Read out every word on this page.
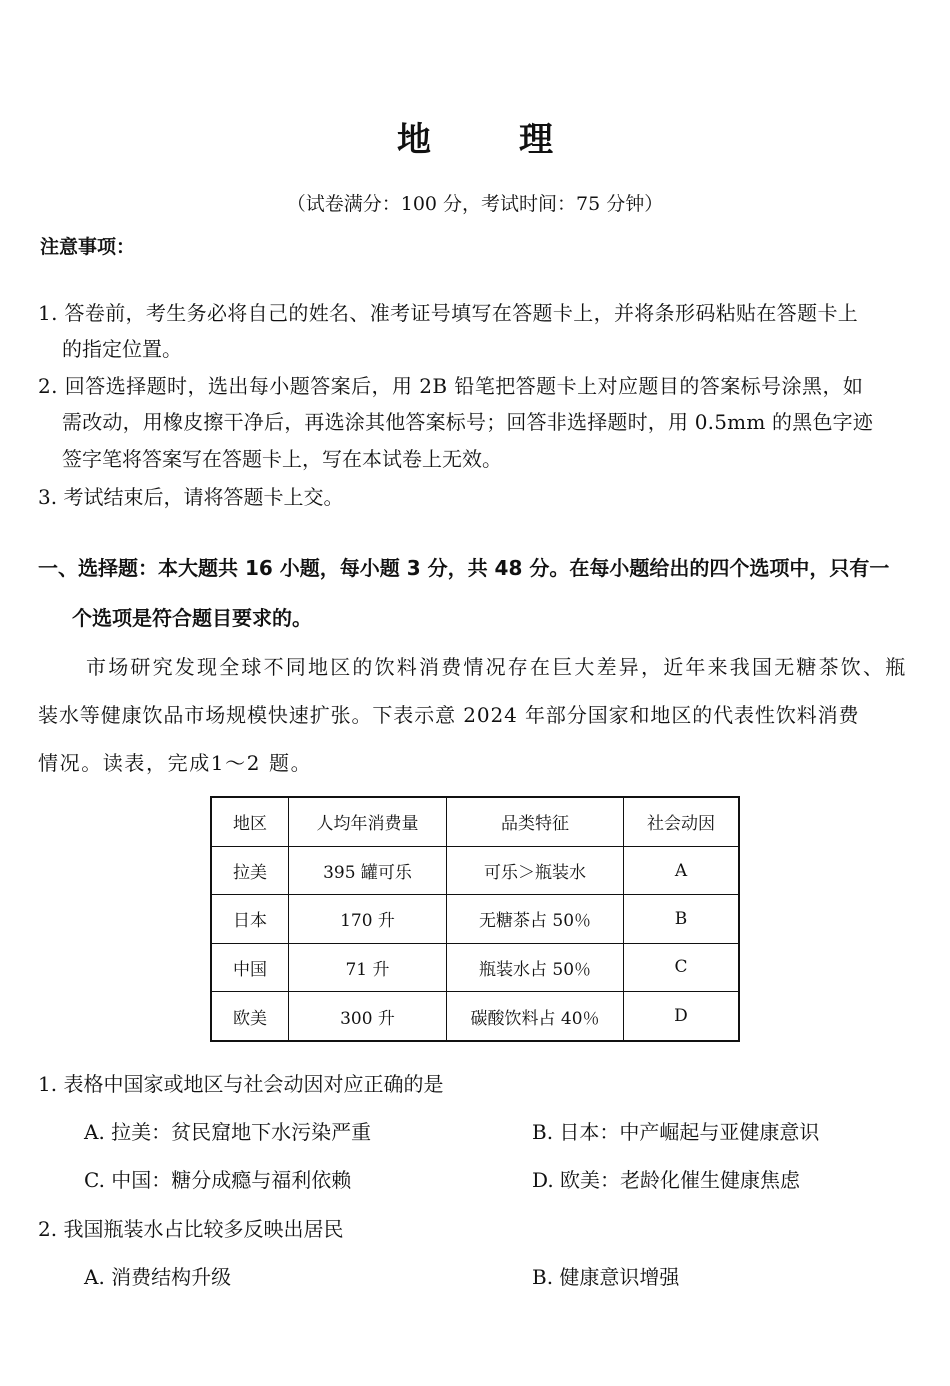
地	理
（试卷满分：100 分，考试时间：75 分钟）
注意事项：
1. 答卷前，考生务必将自己的姓名、准考证号填写在答题卡上，并将条形码粘贴在答题卡上
的指定位置。
2. 回答选择题时，选出每小题答案后，用 2B 铅笔把答题卡上对应题目的答案标号涂黑，如
需改动，用橡皮擦干净后，再选涂其他答案标号；回答非选择题时，用 0.5mm 的黑色字迹
签字笔将答案写在答题卡上，写在本试卷上无效。
3. 考试结束后，请将答题卡上交。
一、选择题：本大题共 16 小题，每小题 3 分，共 48 分。在每小题给出的四个选项中，只有一
个选项是符合题目要求的。
市场研究发现全球不同地区的饮料消费情况存在巨大差异，近年来我国无糖茶饮、瓶
装水等健康饮品市场规模快速扩张。下表示意 2024 年部分国家和地区的代表性饮料消费
情况。读表，完成1～2 题。
地区	人均年消费量	品类特征	社会动因
拉美	395 罐可乐	可乐＞瓶装水	A
日本	170 升	无糖茶占 50％	B
中国	71 升	瓶装水占 50％	C
欧美	300 升	碳酸饮料占 40％	D
1. 表格中国家或地区与社会动因对应正确的是
A. 拉美：贫民窟地下水污染严重	B. 日本：中产崛起与亚健康意识
C. 中国：糖分成瘾与福利依赖	D. 欧美：老龄化催生健康焦虑
2. 我国瓶装水占比较多反映出居民
A. 消费结构升级	B. 健康意识增强
